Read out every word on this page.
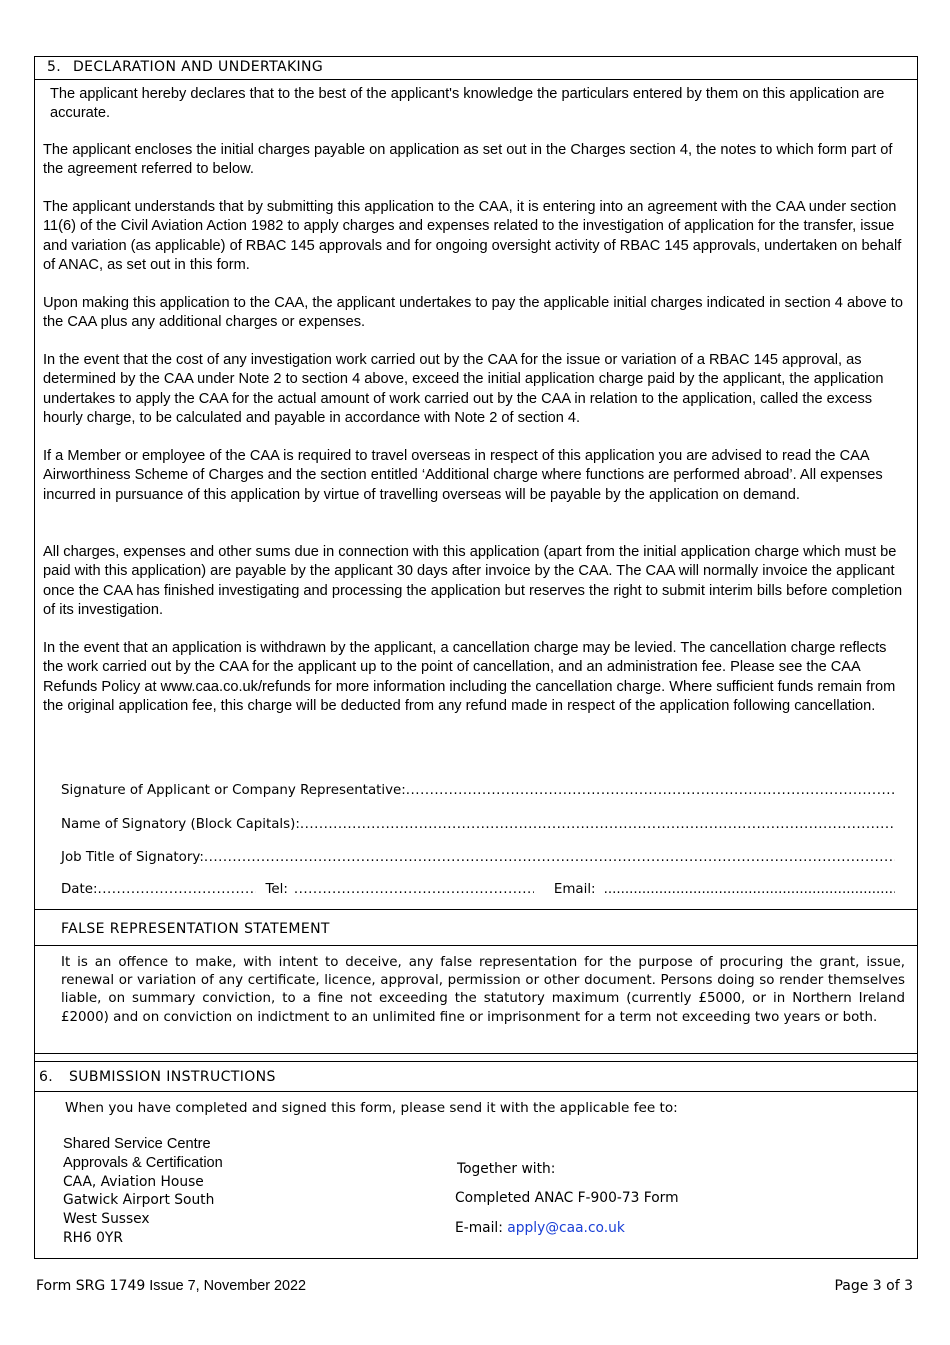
5. DECLARATION AND UNDERTAKING

The applicant hereby declares that to the best of the applicant's knowledge the particulars entered by them on this application are accurate.

The applicant encloses the initial charges payable on application as set out in the Charges section 4, the notes to which form part of the agreement referred to below.

The applicant understands that by submitting this application to the CAA, it is entering into an agreement with the CAA under section 11(6) of the Civil Aviation Action 1982 to apply charges and expenses related to the investigation of application for the transfer, issue and variation (as applicable) of RBAC 145 approvals and for ongoing oversight activity of RBAC 145 approvals, undertaken on behalf of ANAC, as set out in this form.

Upon making this application to the CAA, the applicant undertakes to pay the applicable initial charges indicated in section 4 above to the CAA plus any additional charges or expenses.

In the event that the cost of any investigation work carried out by the CAA for the issue or variation of a RBAC 145 approval, as determined by the CAA under Note 2 to section 4 above, exceed the initial application charge paid by the applicant, the application undertakes to apply the CAA for the actual amount of work carried out by the CAA in relation to the application, called the excess hourly charge, to be calculated and payable in accordance with Note 2 of section 4.

If a Member or employee of the CAA is required to travel overseas in respect of this application you are advised to read the CAA Airworthiness Scheme of Charges and the section entitled ‘Additional charge where functions are performed abroad’. All expenses incurred in pursuance of this application by virtue of travelling overseas will be payable by the application on demand.

All charges, expenses and other sums due in connection with this application (apart from the initial application charge which must be paid with this application) are payable by the applicant 30 days after invoice by the CAA. The CAA will normally invoice the applicant once the CAA has finished investigating and processing the application but reserves the right to submit interim bills before completion of its investigation.

In the event that an application is withdrawn by the applicant, a cancellation charge may be levied. The cancellation charge reflects the work carried out by the CAA for the applicant up to the point of cancellation, and an administration fee. Please see the CAA Refunds Policy at www.caa.co.uk/refunds for more information including the cancellation charge. Where sufficient funds remain from the original application fee, this charge will be deducted from any refund made in respect of the application following cancellation.

Signature of Applicant or Company Representative:
.....
Name of Signatory (Block Capitals):
.....
Job Title of Signatory:
.....
Date: .....	Tel: .....	Email:
.....
FALSE REPRESENTATION STATEMENT

It is an offence to make, with intent to deceive, any false representation for the purpose of procuring the grant, issue, renewal or variation of any certificate, licence, approval, permission or other document. Persons doing so render themselves liable, on summary conviction, to a fine not exceeding the statutory maximum (currently £5000, or in Northern Ireland £2000) and on conviction on indictment to an unlimited fine or imprisonment for a term not exceeding two years or both.

6. SUBMISSION INSTRUCTIONS
When you have completed and signed this form, please send it with the applicable fee to:
Shared Service Centre
Approvals & Certification
CAA, Aviation House
Gatwick Airport South
West Sussex
RH6 0YR
Together with:
Completed ANAC F-900-73 Form
E-mail: apply@caa.co.uk
Form SRG 1749 Issue 7, November 2022	Page 3 of 3
